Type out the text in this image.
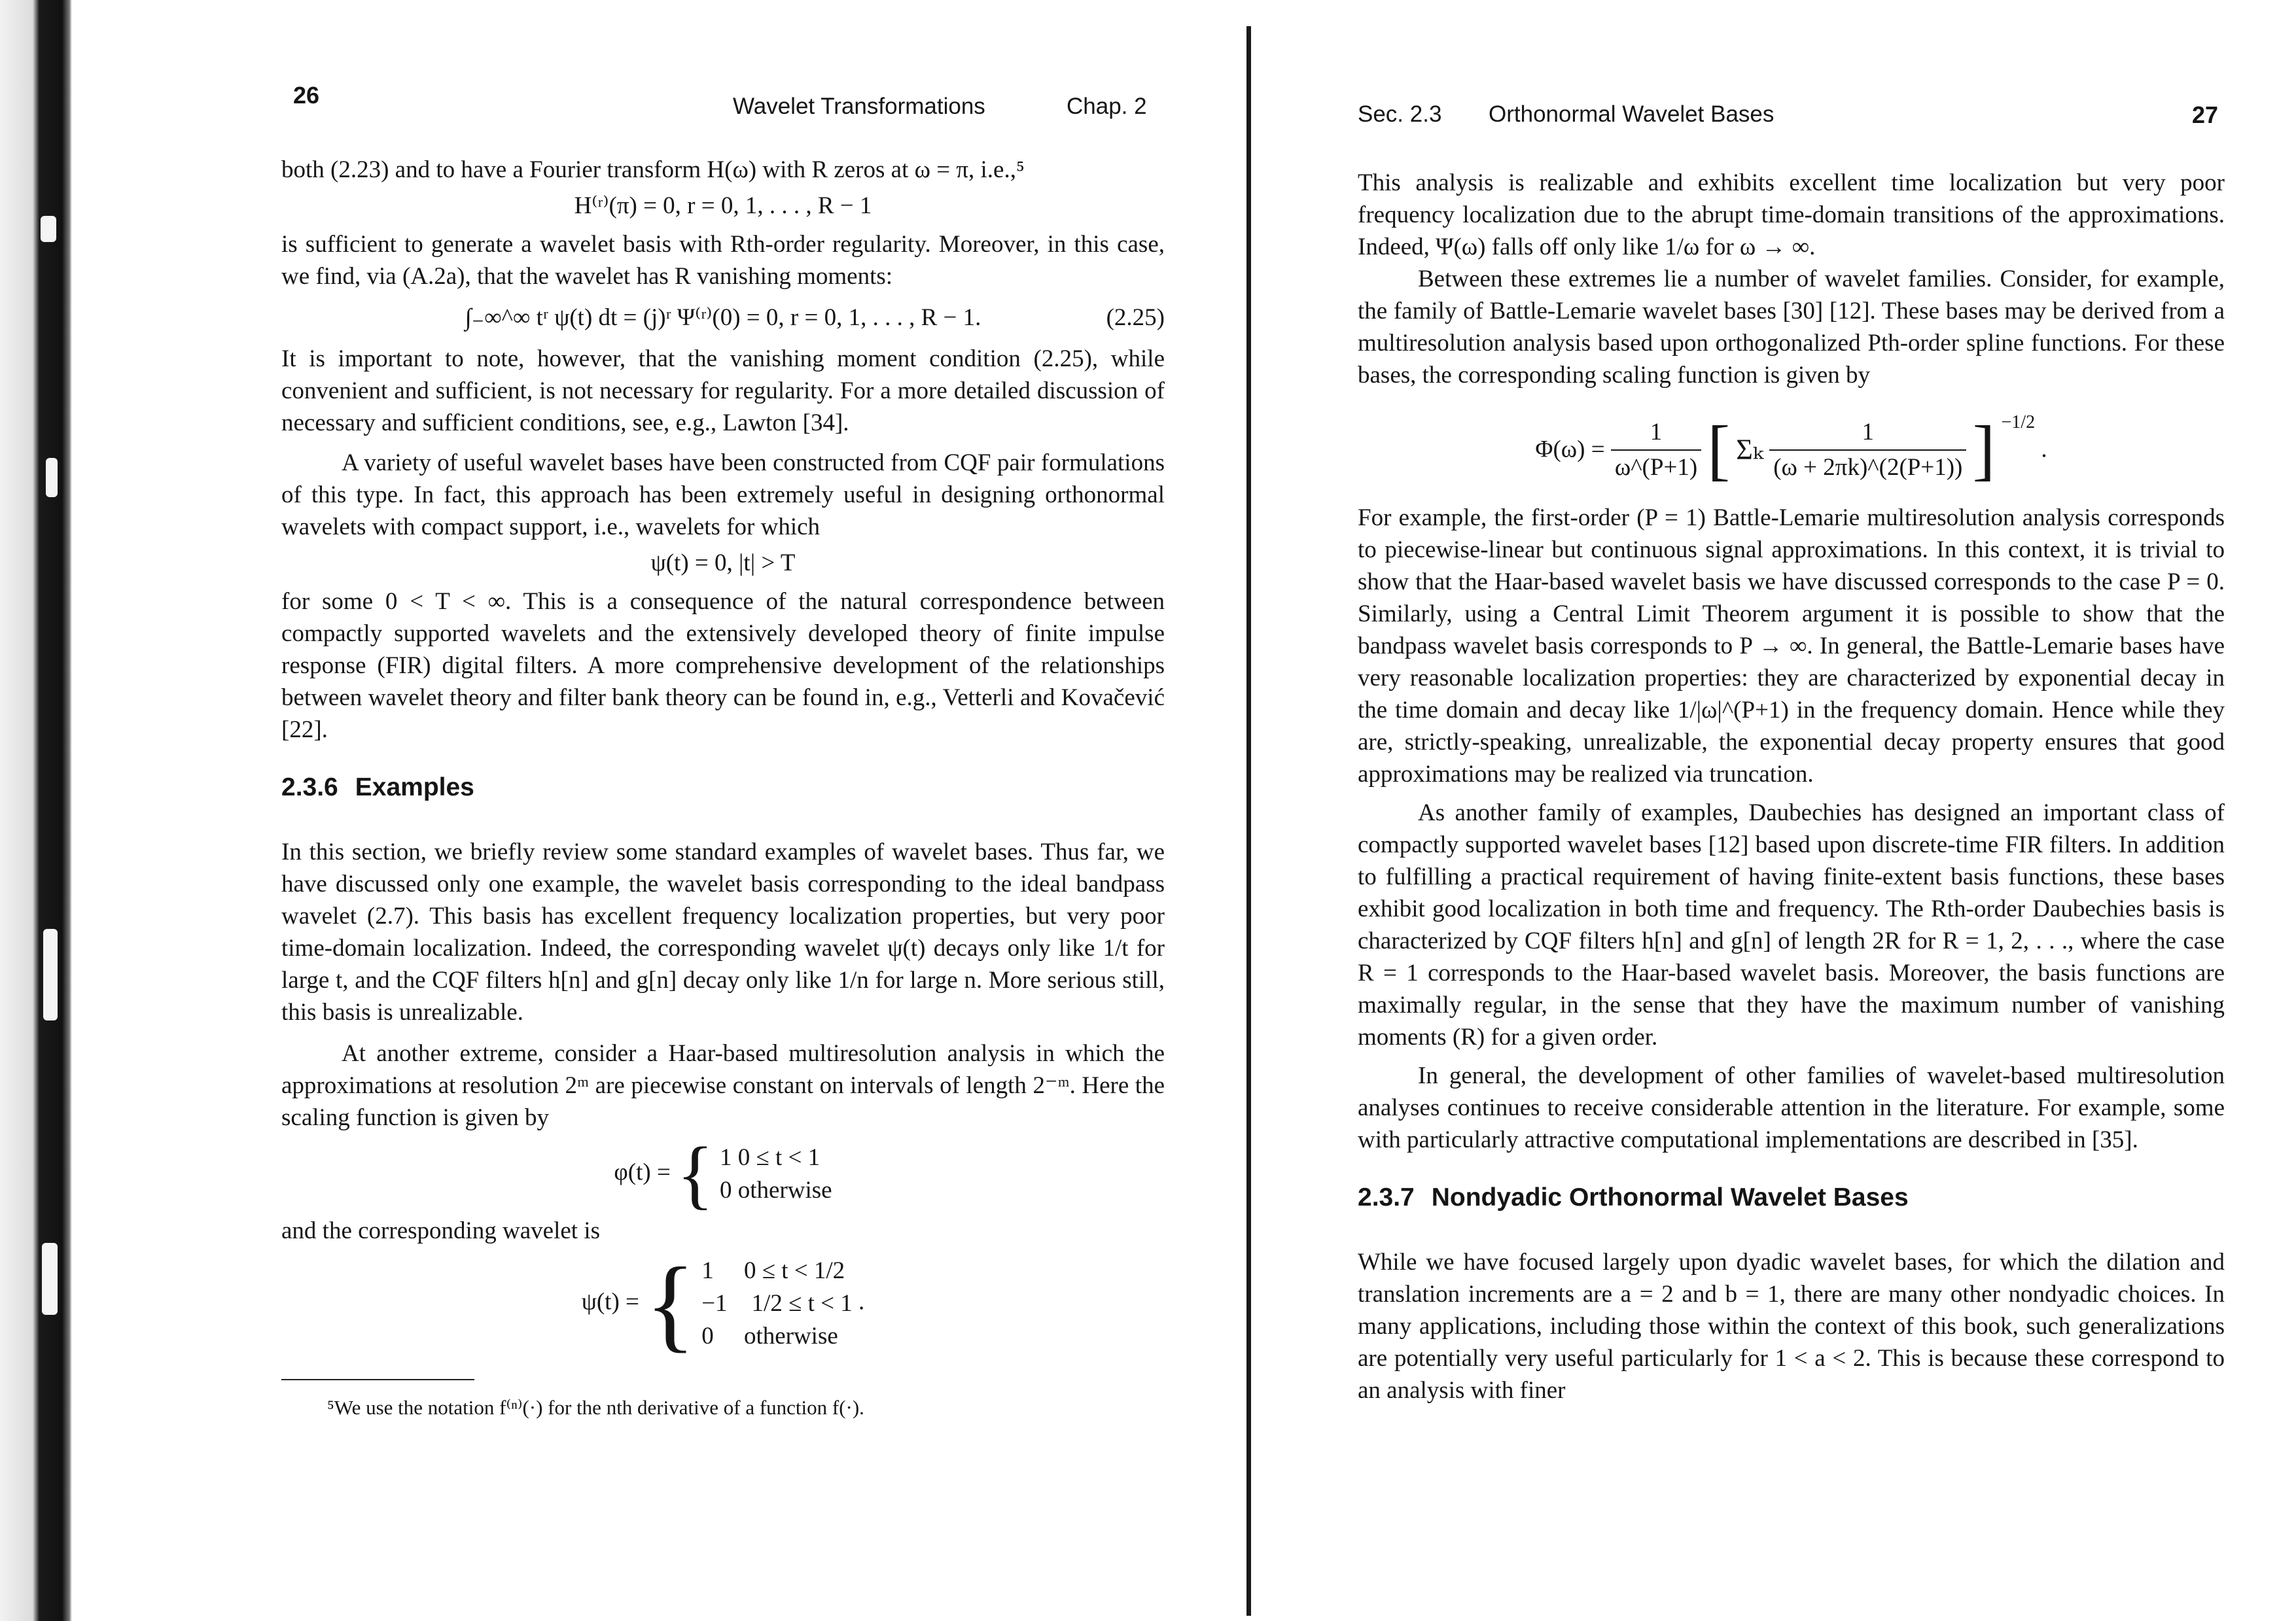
26	Wavelet Transformations	Chap. 2

both (2.23) and to have a Fourier transform H(ω) with R zeros at ω = π, i.e.,⁵

H⁽ʳ⁾(π) = 0, r = 0, 1, . . . , R − 1

is sufficient to generate a wavelet basis with Rth-order regularity. Moreover, in this case, we find, via (A.2a), that the wavelet has R vanishing moments:

∫₋∞^∞ tʳ ψ(t) dt = (j)ʳ Ψ⁽ʳ⁾(0) = 0, r = 0, 1, . . . , R − 1.	(2.25)

It is important to note, however, that the vanishing moment condition (2.25), while convenient and sufficient, is not necessary for regularity. For a more detailed discussion of necessary and sufficient conditions, see, e.g., Lawton [34].

A variety of useful wavelet bases have been constructed from CQF pair formulations of this type. In fact, this approach has been extremely useful in designing orthonormal wavelets with compact support, i.e., wavelets for which

ψ(t) = 0, |t| > T

for some 0 < T < ∞. This is a consequence of the natural correspondence between compactly supported wavelets and the extensively developed theory of finite impulse response (FIR) digital filters. A more comprehensive development of the relationships between wavelet theory and filter bank theory can be found in, e.g., Vetterli and Kovačević [22].

2.3.6 Examples

In this section, we briefly review some standard examples of wavelet bases. Thus far, we have discussed only one example, the wavelet basis corresponding to the ideal bandpass wavelet (2.7). This basis has excellent frequency localization properties, but very poor time-domain localization. Indeed, the corresponding wavelet ψ(t) decays only like 1/t for large t, and the CQF filters h[n] and g[n] decay only like 1/n for large n. More serious still, this basis is unrealizable.

At another extreme, consider a Haar-based multiresolution analysis in which the approximations at resolution 2ᵐ are piecewise constant on intervals of length 2⁻ᵐ. Here the scaling function is given by

φ(t) = { 1 0 ≤ t < 1
0 otherwise

and the corresponding wavelet is

ψ(t) = { 1     0 ≤ t < 1/2
−1    1/2 ≤ t < 1
0     otherwise
.
⁵We use the notation f⁽ⁿ⁾(·) for the nth derivative of a function f(·).
Sec. 2.3 Orthonormal Wavelet Bases	27

This analysis is realizable and exhibits excellent time localization but very poor frequency localization due to the abrupt time-domain transitions of the approximations. Indeed, Ψ(ω) falls off only like 1/ω for ω → ∞.

Between these extremes lie a number of wavelet families. Consider, for example, the family of Battle-Lemarie wavelet bases [30] [12]. These bases may be derived from a multiresolution analysis based upon orthogonalized Pth-order spline functions. For these bases, the corresponding scaling function is given by

$\Phi(\omega) = \frac{1}{\omega\^{}(P+1)}$ [ Σₖ $\frac{1}{(\omega + 2\pi k)\^{}(2(P+1))}$ ] $^{-1/2}$ .

For example, the first-order (P = 1) Battle-Lemarie multiresolution analysis corresponds to piecewise-linear but continuous signal approximations. In this context, it is trivial to show that the Haar-based wavelet basis we have discussed corresponds to the case P = 0. Similarly, using a Central Limit Theorem argument it is possible to show that the bandpass wavelet basis corresponds to P → ∞. In general, the Battle-Lemarie bases have very reasonable localization properties: they are characterized by exponential decay in the time domain and decay like 1/|ω|^(P+1) in the frequency domain. Hence while they are, strictly-speaking, unrealizable, the exponential decay property ensures that good approximations may be realized via truncation.

As another family of examples, Daubechies has designed an important class of compactly supported wavelet bases [12] based upon discrete-time FIR filters. In addition to fulfilling a practical requirement of having finite-extent basis functions, these bases exhibit good localization in both time and frequency. The Rth-order Daubechies basis is characterized by CQF filters h[n] and g[n] of length 2R for R = 1, 2, . . ., where the case R = 1 corresponds to the Haar-based wavelet basis. Moreover, the basis functions are maximally regular, in the sense that they have the maximum number of vanishing moments (R) for a given order.

In general, the development of other families of wavelet-based multiresolution analyses continues to receive considerable attention in the literature. For example, some with particularly attractive computational implementations are described in [35].

2.3.7 Nondyadic Orthonormal Wavelet Bases

While we have focused largely upon dyadic wavelet bases, for which the dilation and translation increments are a = 2 and b = 1, there are many other nondyadic choices. In many applications, including those within the context of this book, such generalizations are potentially very useful particularly for 1 < a < 2. This is because these correspond to an analysis with finer
